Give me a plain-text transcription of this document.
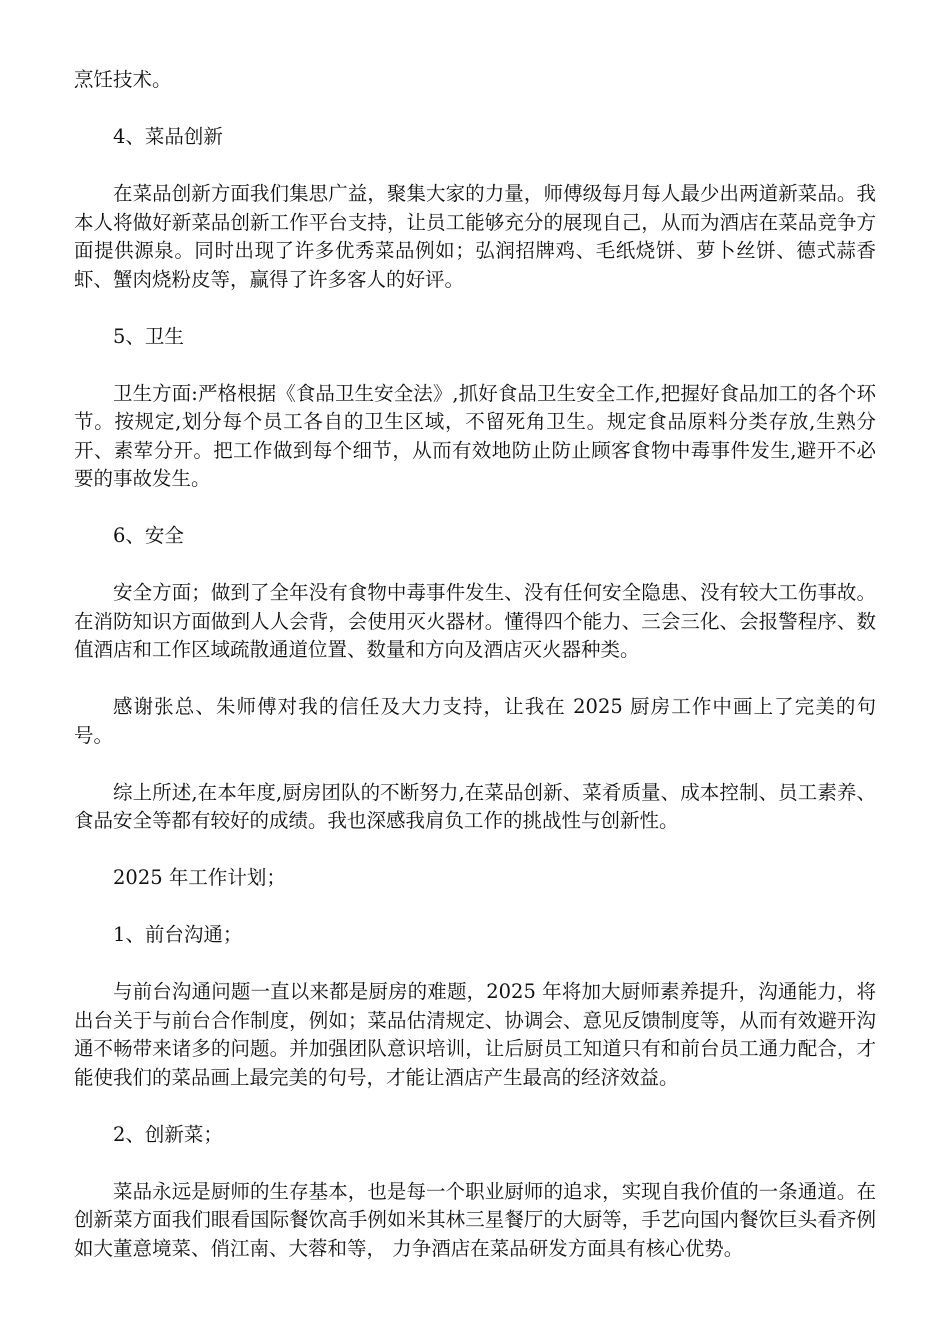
烹饪技术。

4、菜品创新

在菜品创新方面我们集思广益，聚集大家的力量，师傅级每月每人最少出两道新菜品。我本人将做好新菜品创新工作平台支持，让员工能够充分的展现自己，从而为酒店在菜品竞争方面提供源泉。同时出现了许多优秀菜品例如；弘润招牌鸡、毛纸烧饼、萝卜丝饼、德式蒜香虾、蟹肉烧粉皮等，赢得了许多客人的好评。

5、卫生

卫生方面:严格根据《食品卫生安全法》,抓好食品卫生安全工作,把握好食品加工的各个环节。按规定,划分每个员工各自的卫生区域，不留死角卫生。规定食品原料分类存放,生熟分开、素荤分开。把工作做到每个细节，从而有效地防止防止顾客食物中毒事件发生,避开不必要的事故发生。

6、安全

安全方面；做到了全年没有食物中毒事件发生、没有任何安全隐患、没有较大工伤事故。在消防知识方面做到人人会背，会使用灭火器材。懂得四个能力、三会三化、会报警程序、数值酒店和工作区域疏散通道位置、数量和方向及酒店灭火器种类。

感谢张总、朱师傅对我的信任及大力支持，让我在 2025 厨房工作中画上了完美的句号。

综上所述,在本年度,厨房团队的不断努力,在菜品创新、菜肴质量、成本控制、员工素养、食品安全等都有较好的成绩。我也深感我肩负工作的挑战性与创新性。

2025 年工作计划；

1、前台沟通；

与前台沟通问题一直以来都是厨房的难题，2025 年将加大厨师素养提升，沟通能力，将出台关于与前台合作制度，例如；菜品估清规定、协调会、意见反馈制度等，从而有效避开沟通不畅带来诸多的问题。并加强团队意识培训，让后厨员工知道只有和前台员工通力配合，才能使我们的菜品画上最完美的句号，才能让酒店产生最高的经济效益。

2、创新菜；

菜品永远是厨师的生存基本，也是每一个职业厨师的追求，实现自我价值的一条通道。在创新菜方面我们眼看国际餐饮高手例如米其林三星餐厅的大厨等，手艺向国内餐饮巨头看齐例如大董意境菜、俏江南、大蓉和等， 力争酒店在菜品研发方面具有核心优势。
